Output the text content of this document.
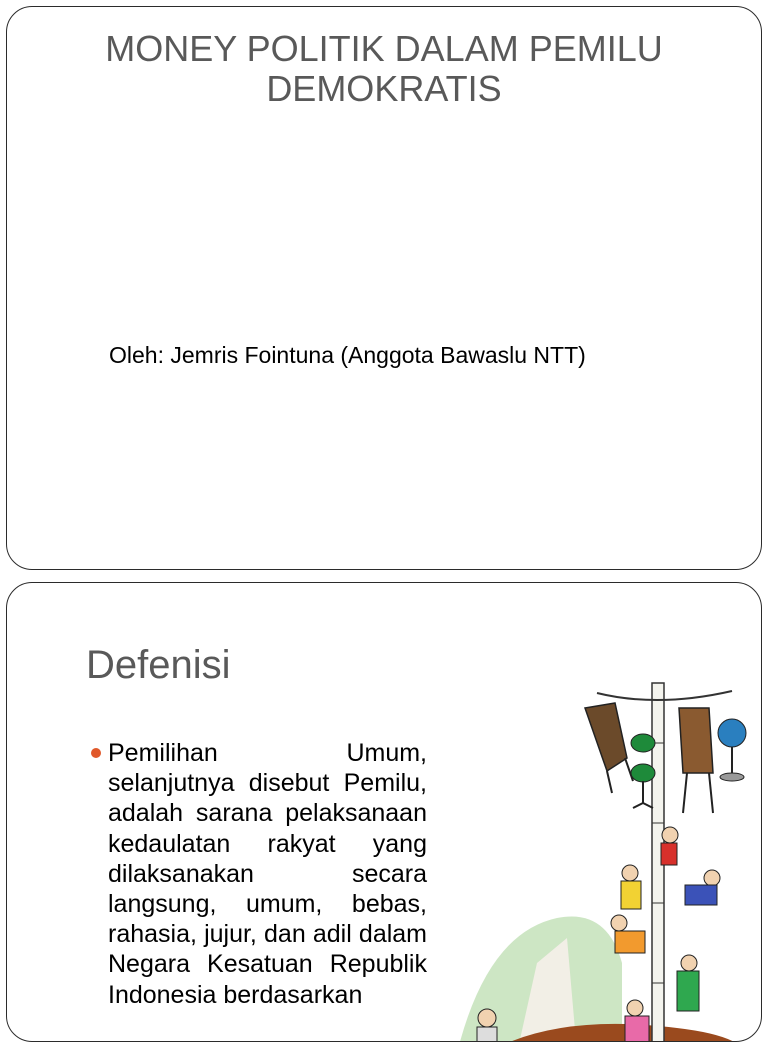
MONEY POLITIK DALAM PEMILU
DEMOKRATIS
Oleh: Jemris Fointuna (Anggota Bawaslu NTT)
Defenisi
Pemilihan Umum, selanjutnya disebut Pemilu, adalah sarana pelaksanaan kedaulatan rakyat yang dilaksanakan secara langsung, umum, bebas, rahasia, jujur, dan adil dalam Negara Kesatuan Republik Indonesia berdasarkan
